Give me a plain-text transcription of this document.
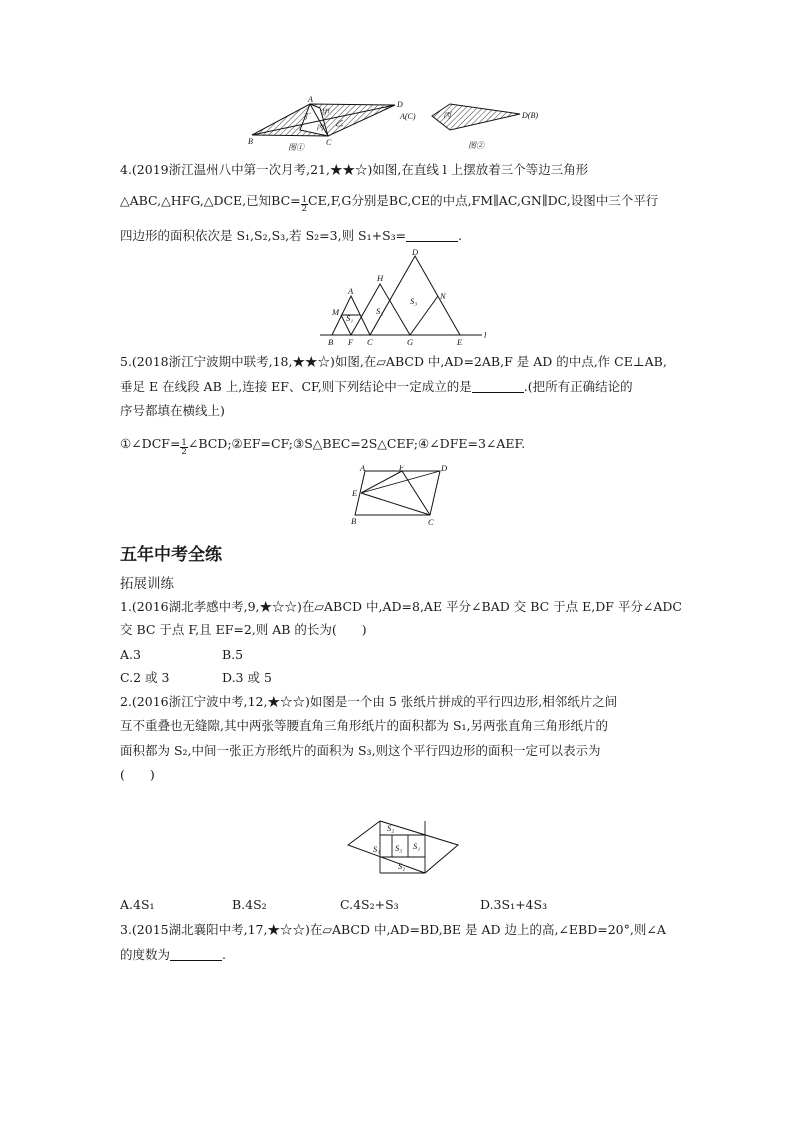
A
D
B	C
丁 甲
丙 乙
图①
A(C)	D(B)
丙
图②
4.(2019浙江温州八中第一次月考,21,★★☆)如图,在直线 l 上摆放着三个等边三角形
△ABC,△HFG,△DCE,已知$BC= \frac{1}{2} CE,F,G$分别是BC,CE的中点,FM∥AC,GN∥DC,设图中三个平行
四边形的面积依次是 S₁,S₂,S₃,若 S₂=3,则 S₁+S₃=	.
D
H
A
M
N
S₁
S₂
S₃
B F C	G	E
l
5.(2018浙江宁波期中联考,18,★★☆)如图,在▱ABCD 中,AD=2AB,F 是 AD 的中点,作 CE⊥AB,
垂足 E 在线段 AB 上,连接 EF、CF,则下列结论中一定成立的是	.(把所有正确结论的
序号都填在横线上)
①∠DCF= $\frac{1}{2}$ ∠BCD;②EF=CF;③S△BEC=2S△CEF;④∠DFE=3∠AEF.
A	F	D
E
B	C
五年中考全练
拓展训练
1.(2016湖北孝感中考,9,★☆☆)在▱ABCD 中,AD=8,AE 平分∠BAD 交 BC 于点 E,DF 平分∠ADC
交 BC 于点 F,且 EF=2,则 AB 的长为(　　)
A.3	B.5
C.2 或 3	D.3 或 5
2.(2016浙江宁波中考,12,★☆☆)如图是一个由 5 张纸片拼成的平行四边形,相邻纸片之间
互不重叠也无缝隙,其中两张等腰直角三角形纸片的面积都为 S₁,另两张直角三角形纸片的
面积都为 S₂,中间一张正方形纸片的面积为 S₃,则这个平行四边形的面积一定可以表示为
(　　)
S₂
S₁ S₃ S₁
S₂
A.4S₁	B.4S₂	C.4S₂+S₃	D.3S₁+4S₃
3.(2015湖北襄阳中考,17,★☆☆)在▱ABCD 中,AD=BD,BE 是 AD 边上的高,∠EBD=20°,则∠A
的度数为	.
